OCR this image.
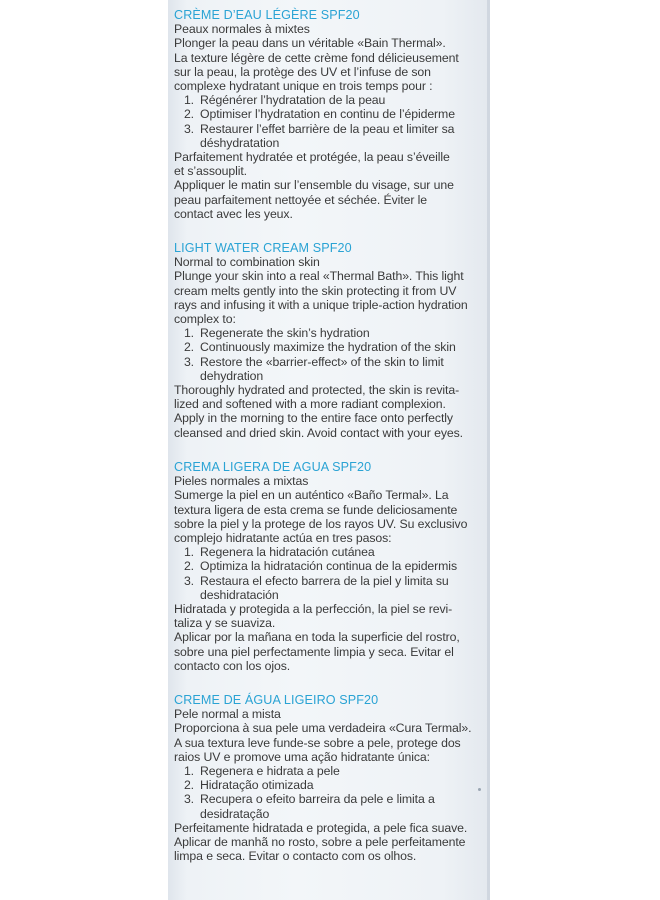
CRÈME D’EAU LÉGÈRE SPF20
Peaux normales à mixtes
Plonger la peau dans un véritable «Bain Thermal».
La texture légère de cette crème fond délicieusement
sur la peau, la protège des UV et l’infuse de son
complexe hydratant unique en trois temps pour :
1. Régénérer l’hydratation de la peau
2. Optimiser l’hydratation en continu de l’épiderme
3. Restaurer l’effet barrière de la peau et limiter sa
déshydratation
Parfaitement hydratée et protégée, la peau s’éveille
et s’assouplit.
Appliquer le matin sur l’ensemble du visage, sur une
peau parfaitement nettoyée et séchée. Éviter le
contact avec les yeux.
LIGHT WATER CREAM SPF20
Normal to combination skin
Plunge your skin into a real «Thermal Bath». This light
cream melts gently into the skin protecting it from UV
rays and infusing it with a unique triple-action hydration
complex to:
1. Regenerate the skin’s hydration
2. Continuously maximize the hydration of the skin
3. Restore the «barrier-effect» of the skin to limit
dehydration
Thoroughly hydrated and protected, the skin is revita-
lized and softened with a more radiant complexion.
Apply in the morning to the entire face onto perfectly
cleansed and dried skin. Avoid contact with your eyes.
CREMA LIGERA DE AGUA SPF20
Pieles normales a mixtas
Sumerge la piel en un auténtico «Baño Termal». La
textura ligera de esta crema se funde deliciosamente
sobre la piel y la protege de los rayos UV. Su exclusivo
complejo hidratante actúa en tres pasos:
1. Regenera la hidratación cutánea
2. Optimiza la hidratación continua de la epidermis
3. Restaura el efecto barrera de la piel y limita su
deshidratación
Hidratada y protegida a la perfección, la piel se revi-
taliza y se suaviza.
Aplicar por la mañana en toda la superficie del rostro,
sobre una piel perfectamente limpia y seca. Evitar el
contacto con los ojos.
CREME DE ÁGUA LIGEIRO SPF20
Pele normal a mista
Proporciona à sua pele uma verdadeira «Cura Termal».
A sua textura leve funde-se sobre a pele, protege dos
raios UV e promove uma ação hidratante única:
1. Regenera e hidrata a pele
2. Hidratação otimizada
3. Recupera o efeito barreira da pele e limita a
desidratação
Perfeitamente hidratada e protegida, a pele fica suave.
Aplicar de manhã no rosto, sobre a pele perfeitamente
limpa e seca. Evitar o contacto com os olhos.
